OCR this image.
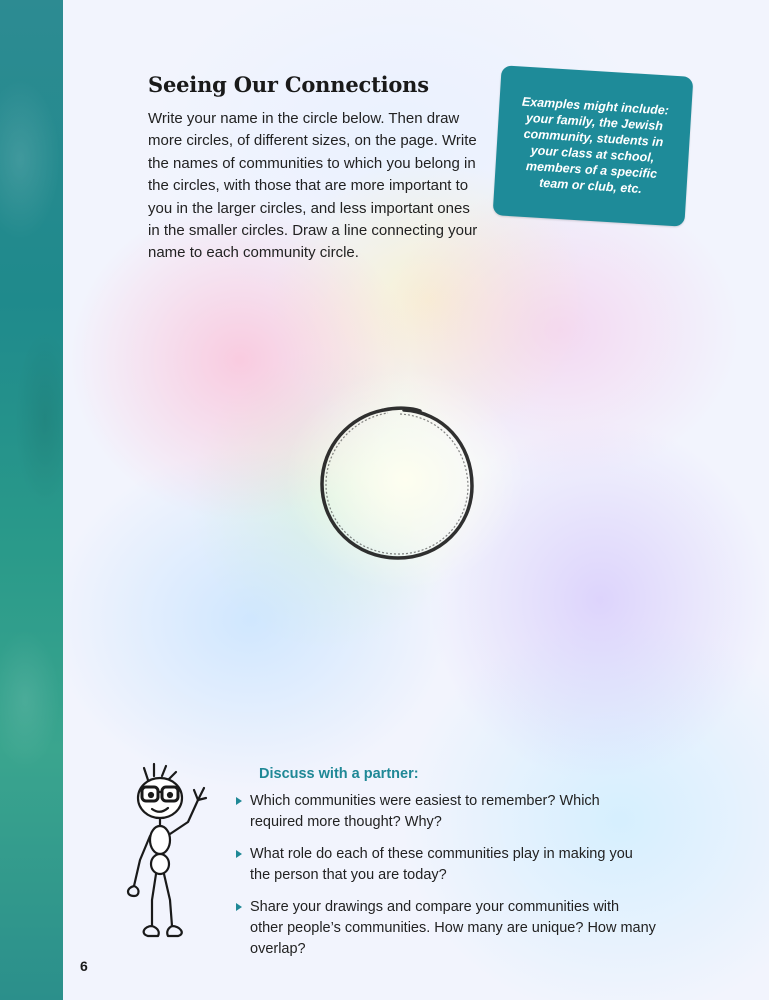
Seeing Our Connections

Write your name in the circle below. Then draw more circles, of different sizes, on the page. Write the names of communities to which you belong in the circles, with those that are more important to you in the larger circles, and less important ones in the smaller circles. Draw a line connecting your name to each community circle.

Examples might include: your family, the Jewish community, students in your class at school, members of a specific team or club, etc.

Discuss with a partner:
Which communities were easiest to remember? Which required more thought? Why?
What role do each of these communities play in making you the person that you are today?
Share your drawings and compare your communities with other people’s communities. How many are unique? How many overlap?

6
